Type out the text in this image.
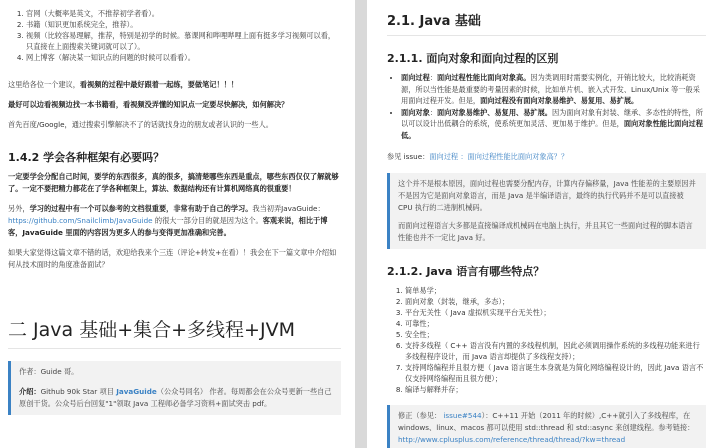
1. 官网（大概率是英文，不推荐初学者看）。
2. 书籍（知识更加系统完全，推荐）。
3. 视频（比较容易理解，推荐，特别是初学的时候。慕课网和哔哩哔哩上面有挺多学习视频可以看，只直接在上面搜索关键词就可以了）。
4. 网上博客（解决某一知识点的问题的时候可以看看）。

这里给各位一个建议，看视频的过程中最好跟着一起练，要做笔记！！！

最好可以边看视频边找一本书籍看，看视频没弄懂的知识点一定要尽快解决，如何解决？

首先百度/Google，通过搜索引擎解决不了的话就找身边的朋友或者认识的一些人。

1.4.2 学会各种框架有必要吗？

一定要学会分配自己时间，要学的东西很多，真的很多，搞清楚哪些东西是重点，哪些东西仅仅了解就够了。一定不要把精力都花在了学各种框架上，算法、数据结构还有计算机网络真的很重要！

另外，学习的过程中有一个可以参考的文档很重要，非常有助于自己的学习。我当初弄JavaGuide：https://github.com/Snailclimb/JavaGuide 的很大一部分目的就是因为这个。客观来说，相比于博客，JavaGuide 里面的内容因为更多人的参与变得更加准确和完善。

如果大家觉得这篇文章不错的话，欢迎给我来个三连（评论+转发+在看）！我会在下一篇文章中介绍如何从技术面时的角度准备面试？

二 Java 基础+集合+多线程+JVM

作者：Guide 哥。

介绍：Github 90k Star 项目 JavaGuide（公众号同名） 作者。每周都会在公众号更新一些自己原创干货。公众号后台回复"1"领取 Java 工程师必备学习资料+面试突击 pdf。

2.1. Java 基础
2.1.1. 面向对象和面向过程的区别
• 面向过程：面向过程性能比面向对象高。因为类调用时需要实例化，开销比较大，比较消耗资源，所以当性能是最重要的考量因素的时候，比如单片机、嵌入式开发、Linux/Unix 等一般采用面向过程开发。但是，面向过程没有面向对象易维护、易复用、易扩展。
• 面向对象：面向对象易维护、易复用、易扩展。因为面向对象有封装、继承、多态性的特性，所以可以设计出低耦合的系统，使系统更加灵活、更加易于维护。但是，面向对象性能比面向过程低。

参见 issue：面向过程 ：面向过程性能比面向对象高？？

这个并不是根本原因，面向过程也需要分配内存，计算内存偏移量，Java 性能差的主要原因并不是因为它是面向对象语言，而是 Java 是半编译语言，最终的执行代码并不是可以直接被 CPU 执行的二进制机械码。

而面向过程语言大多都是直接编译成机械码在电脑上执行，并且其它一些面向过程的脚本语言性能也并不一定比 Java 好。

2.1.2. Java 语言有哪些特点？
1. 简单易学；
2. 面向对象（封装，继承，多态）；
3. 平台无关性（ Java 虚拟机实现平台无关性）；
4. 可靠性；
5. 安全性；
6. 支持多线程（ C++ 语言没有内置的多线程机制，因此必须调用操作系统的多线程功能来进行多线程程序设计，而 Java 语言却提供了多线程支持）；
7. 支持网络编程并且很方便（ Java 语言诞生本身就是为简化网络编程设计的，因此 Java 语言不仅支持网络编程而且很方便）；
8. 编译与解释并存；

修正（参见： issue#544）：C++11 开始（2011 年的时候）,C++就引入了多线程库，在 windows、linux、macos 都可以使用 std::thread 和 std::async 来创建线程。参考链接：http://www.cplusplus.com/reference/thread/thread/?kw=thread
